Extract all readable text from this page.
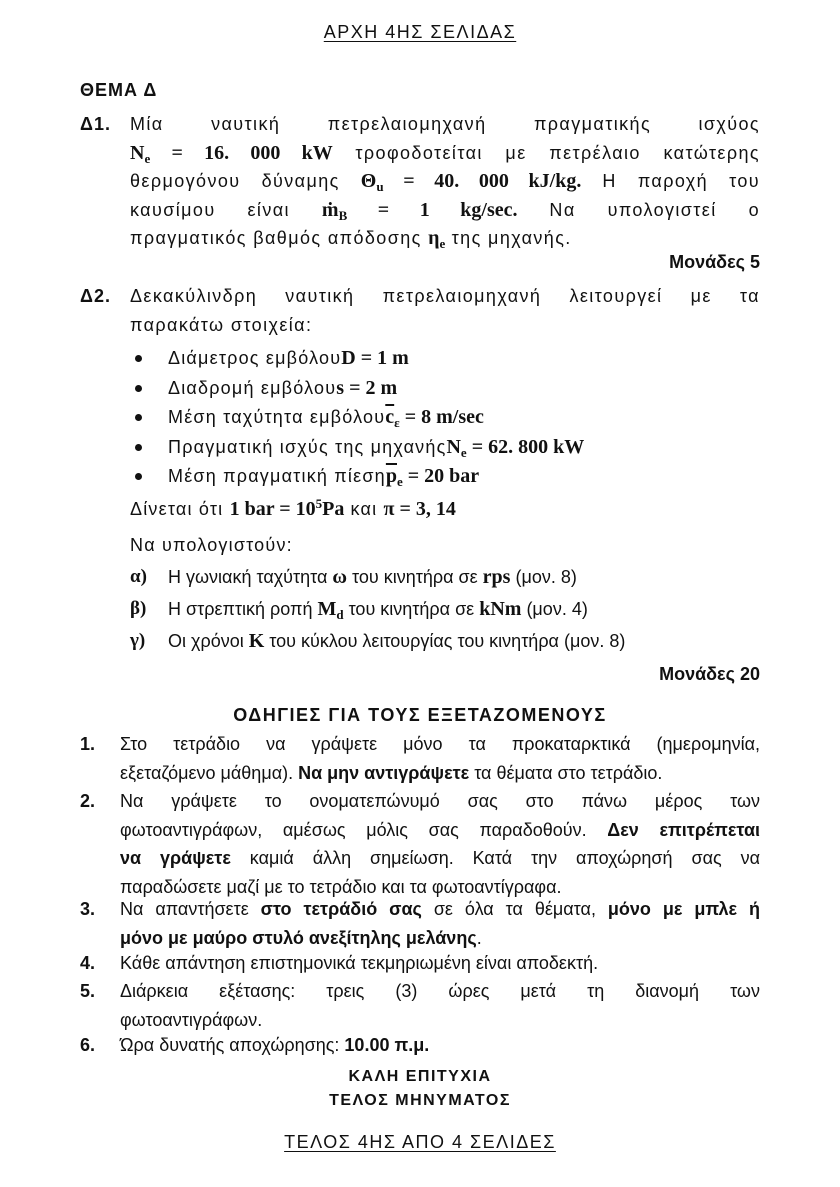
ΑΡΧΗ 4ΗΣ ΣΕΛΙΔΑΣ
ΘΕΜΑ Δ
Δ1. Μία ναυτική πετρελαιομηχανή πραγματικής ισχύος
$N_e = 16$. 000 kW τροφοδοτείται με πετρέλαιο κατώτερης
θερμογόνου δύναμης $\Theta_u = 40$. 000 kJ/kg. Η παροχή του
καυσίμου είναι ṁ$_B$ = 1 kg/sec. Να υπολογιστεί ο
πραγματικός βαθμός απόδοσης $\eta_e$ της μηχανής.
Μονάδες 5
Δ2. Δεκακύλινδρη ναυτική πετρελαιομηχανή λειτουργεί με τα
παρακάτω στοιχεία:
Διάμετρος εμβόλου D = 1 m
Διαδρομή εμβόλου s = 2 m
Μέση ταχύτητα εμβόλου $\overline{c}_\varepsilon = 8$ m/sec
Πραγματική ισχύς της μηχανής $N_e = 62$. 800 kW
Μέση πραγματική πίεση $\overline{p}_e = 20$ bar
Δίνεται ότι 1 bar = $10^5Pa$ και π = 3, 14
Να υπολογιστούν:
α)	Η γωνιακή ταχύτητα ω του κινητήρα σε rps (μον. 8)
β)	Η στρεπτική ροπή $M_d$ του κινητήρα σε kNm (μον. 4)
γ)	Οι χρόνοι K του κύκλου λειτουργίας του κινητήρα (μον. 8)
Μονάδες 20
ΟΔΗΓΙΕΣ ΓΙΑ ΤΟΥΣ ΕΞΕΤΑΖΟΜΕΝΟΥΣ
1. Στο τετράδιο να γράψετε μόνο τα προκαταρκτικά (ημερομηνία,
εξεταζόμενο μάθημα). Να μην αντιγράψετε τα θέματα στο τετράδιο.
2. Να γράψετε το ονοματεπώνυμό σας στο πάνω μέρος των
φωτοαντιγράφων, αμέσως μόλις σας παραδοθούν. Δεν επιτρέπεται
να γράψετε καμιά άλλη σημείωση. Κατά την αποχώρησή σας να
παραδώσετε μαζί με το τετράδιο και τα φωτοαντίγραφα.
3. Να απαντήσετε στο τετράδιό σας σε όλα τα θέματα, μόνο με μπλε ή
μόνο με μαύρο στυλό ανεξίτηλης μελάνης.
4. Κάθε απάντηση επιστημονικά τεκμηριωμένη είναι αποδεκτή.
5. Διάρκεια εξέτασης: τρεις (3) ώρες μετά τη διανομή των
φωτοαντιγράφων.
6. Ώρα δυνατής αποχώρησης: 10.00 π.μ.
ΚΑΛΗ ΕΠΙΤΥΧΙΑ
ΤΕΛΟΣ ΜΗΝΥΜΑΤΟΣ
ΤΕΛΟΣ 4ΗΣ ΑΠΟ 4 ΣΕΛΙΔΕΣ
